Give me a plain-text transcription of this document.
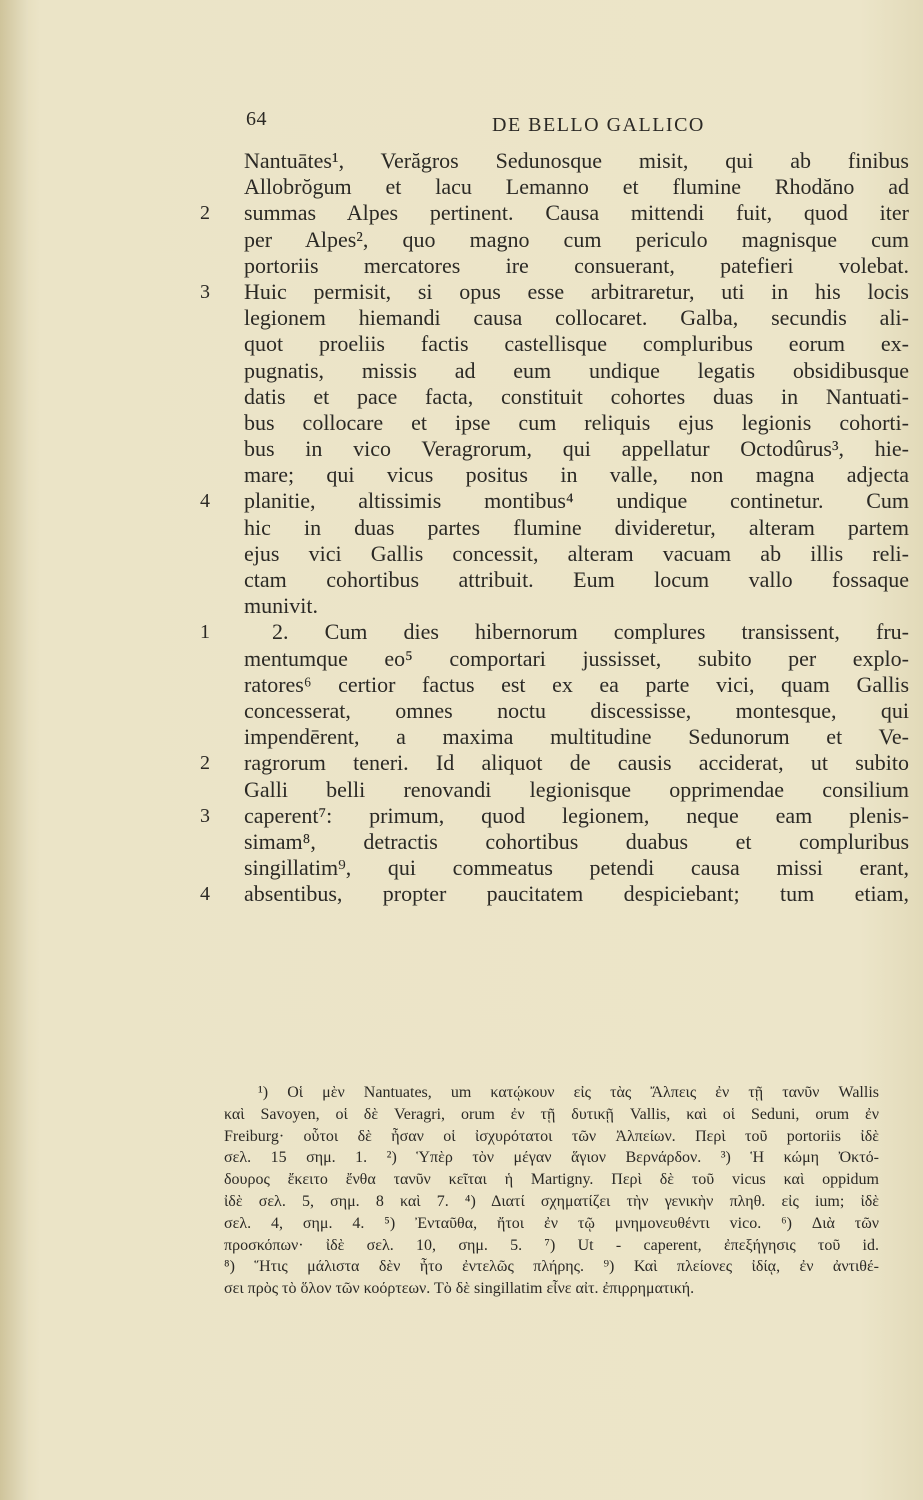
64	DE BELLO GALLICO
Nantuātes¹, Verăgros Sedunosque misit, qui ab finibus
Allobrŏgum et lacu Lemanno et flumine Rhodăno ad
2 summas Alpes pertinent. Causa mittendi fuit, quod iter
per Alpes², quo magno cum periculo magnisque cum
portoriis mercatores ire consuerant, patefieri volebat.
3 Huic permisit, si opus esse arbitraretur, uti in his locis
legionem hiemandi causa collocaret. Galba, secundis ali-
quot proeliis factis castellisque compluribus eorum ex-
pugnatis, missis ad eum undique legatis obsidibusque
datis et pace facta, constituit cohortes duas in Nantuati-
bus collocare et ipse cum reliquis ejus legionis cohorti-
bus in vico Veragrorum, qui appellatur Octodûrus³, hie-
mare; qui vicus positus in valle, non magna adjecta
4 planitie, altissimis montibus⁴ undique continetur. Cum
hic in duas partes flumine divideretur, alteram partem
ejus vici Gallis concessit, alteram vacuam ab illis reli-
ctam cohortibus attribuit. Eum locum vallo fossaque
munivit.
1	2. Cum dies hibernorum complures transissent, fru-
mentumque eo⁵ comportari jussisset, subito per explo-
ratores⁶ certior factus est ex ea parte vici, quam Gallis
concesserat, omnes noctu discessisse, montesque, qui
impendērent, a maxima multitudine Sedunorum et Ve-
2 ragrorum teneri. Id aliquot de causis acciderat, ut subito
Galli belli renovandi legionisque opprimendae consilium
3 caperent⁷: primum, quod legionem, neque eam plenis-
simam⁸, detractis cohortibus duabus et compluribus
singillatim⁹, qui commeatus petendi causa missi erant,
4 absentibus, propter paucitatem despiciebant; tum etiam,
¹) Οἱ μὲν Nantuates, um κατῴκουν εἰς τὰς Ἄλπεις ἐν τῇ τανῦν Wallis
καὶ Savoyen, οἱ δὲ Veragri, orum ἐν τῇ δυτικῇ Vallis, καὶ οἱ Seduni, orum ἐν
Freiburg· οὗτοι δὲ ἦσαν οἱ ἰσχυρότατοι τῶν Ἀλπείων. Περὶ τοῦ portoriis ἰδὲ
σελ. 15 σημ. 1. ²) Ὑπὲρ τὸν μέγαν ἅγιον Βερνάρδον. ³) Ἡ κώμη Ὀκτό-
δουρος ἔκειτο ἔνθα τανῦν κεῖται ἡ Martigny. Περὶ δὲ τοῦ vicus καὶ oppidum
ἰδὲ σελ. 5, σημ. 8 καὶ 7. ⁴) Διατί σχηματίζει τὴν γενικὴν πληθ. εἰς ium; ἰδὲ
σελ. 4, σημ. 4. ⁵) Ἐνταῦθα, ἤτοι ἐν τῷ μνημονευθέντι vico. ⁶) Διὰ τῶν
προσκόπων· ἰδὲ σελ. 10, σημ. 5. ⁷) Ut - caperent, ἐπεξήγησις τοῦ id.
⁸) Ἥτις μάλιστα δὲν ἦτο ἐντελῶς πλήρης. ⁹) Καὶ πλείονες ἰδίᾳ, ἐν ἀντιθέ-
σει πρὸς τὸ ὅλον τῶν κοόρτεων. Τὸ δὲ singillatim εἶνε αἰτ. ἐπιρρηματική.
